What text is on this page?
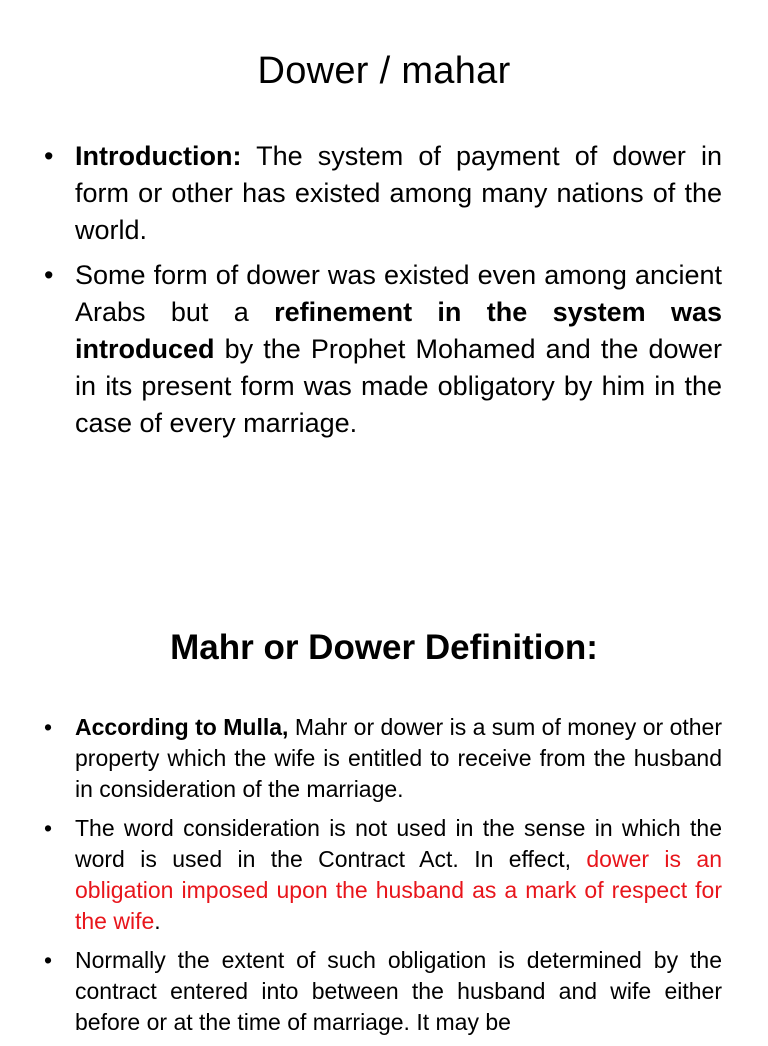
Dower / mahar
• Introduction: The system of payment of dower in form or other has existed among many nations of the world.
• Some form of dower was existed even among ancient Arabs but a refinement in the system was introduced by the Prophet Mohamed and the dower in its present form was made obligatory by him in the case of every marriage.
Mahr or Dower Definition:
• According to Mulla, Mahr or dower is a sum of money or other property which the wife is entitled to receive from the husband in consideration of the marriage.
• The word consideration is not used in the sense in which the word is used in the Contract Act. In effect, dower is an obligation imposed upon the husband as a mark of respect for the wife.
• Normally the extent of such obligation is determined by the contract entered into between the husband and wife either before or at the time of marriage. It may be
